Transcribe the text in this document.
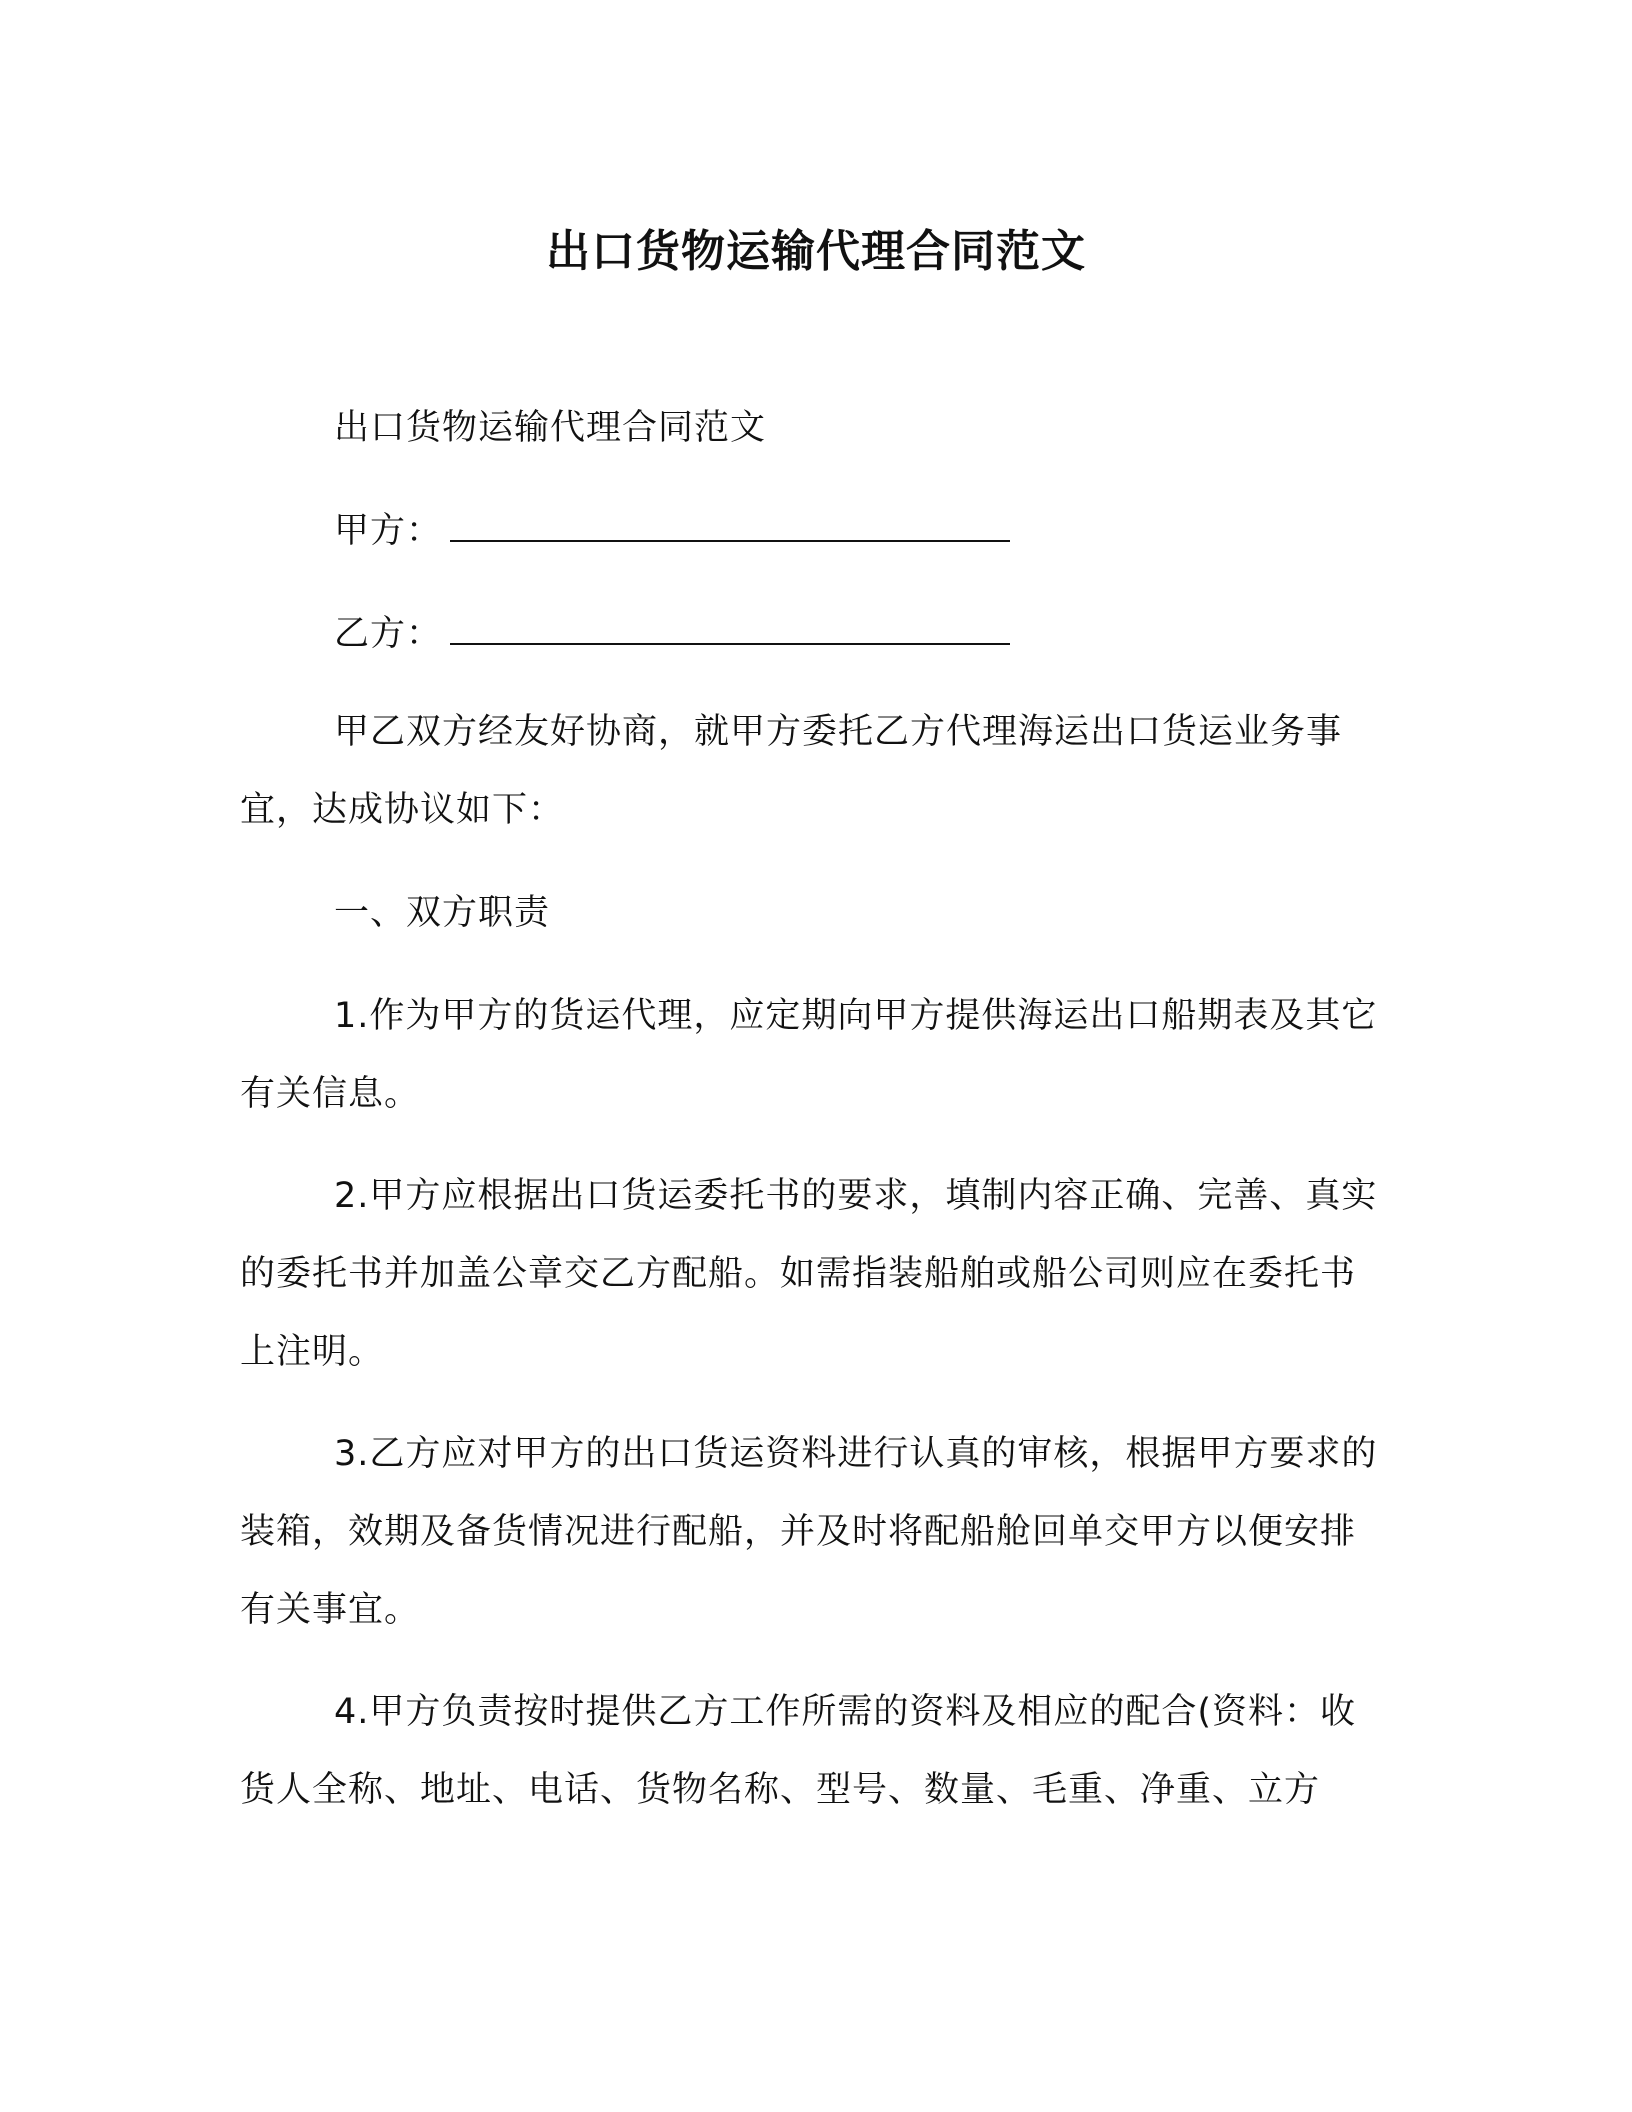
出口货物运输代理合同范文
出口货物运输代理合同范文
甲方：
乙方：
甲乙双方经友好协商，就甲方委托乙方代理海运出口货运业务事宜，达成协议如下：
一、双方职责
1.作为甲方的货运代理，应定期向甲方提供海运出口船期表及其它有关信息。
2.甲方应根据出口货运委托书的要求，填制内容正确、完善、真实的委托书并加盖公章交乙方配船。如需指装船舶或船公司则应在委托书上注明。
3.乙方应对甲方的出口货运资料进行认真的审核，根据甲方要求的装箱，效期及备货情况进行配船，并及时将配船舱回单交甲方以便安排有关事宜。
4.甲方负责按时提供乙方工作所需的资料及相应的配合(资料：收货人全称、地址、电话、货物名称、型号、数量、毛重、净重、立方
